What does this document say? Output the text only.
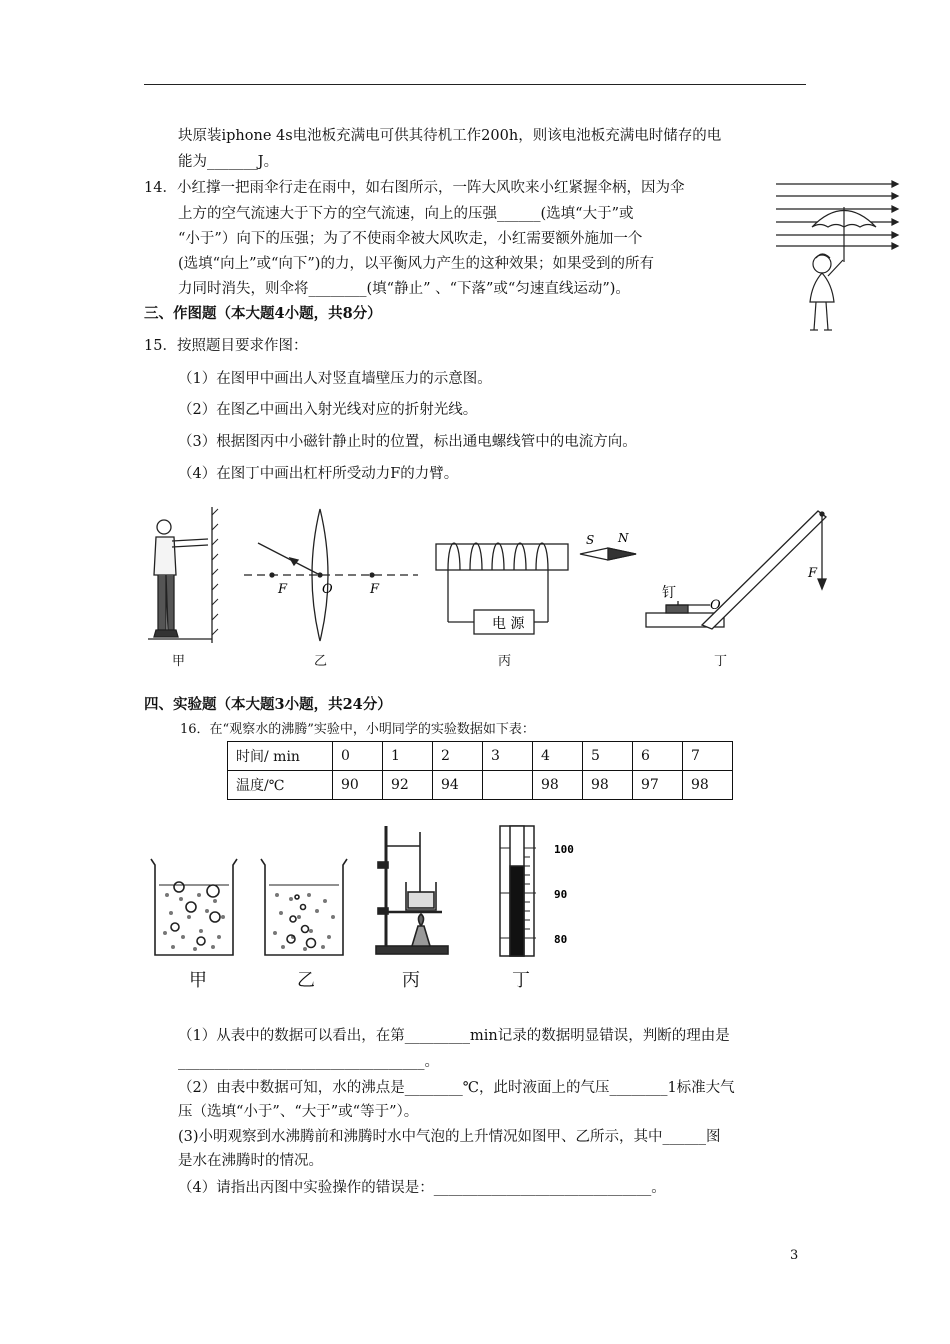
块原装iphone 4s电池板充满电可供其待机工作200h，则该电池板充满电时储存的电
能为_______J。
14．小红撑一把雨伞行走在雨中，如右图所示，一阵大风吹来小红紧握伞柄，因为伞
上方的空气流速大于下方的空气流速，向上的压强______(选填“大于”或
“小于”）向下的压强；为了不使雨伞被大风吹走，小红需要额外施加一个
(选填“向上”或“向下”)的力，以平衡风力产生的这种效果；如果受到的所有
力同时消失，则伞将________(填“静止” 、“下落”或“匀速直线运动”)。
三、作图题（本大题4小题，共8分）
15．按照题目要求作图：
（1）在图甲中画出人对竖直墙壁压力的示意图。
（2）在图乙中画出入射光线对应的折射光线。
（3）根据图丙中小磁针静止时的位置，标出通电螺线管中的电流方向。
（4）在图丁中画出杠杆所受动力F的力臂。
甲
F	O	F
乙
电 源
S N
丙
钉
O
F
丁
四、实验题（本大题3小题，共24分）
16．在“观察水的沸腾”实验中，小明同学的实验数据如下表：
时间/ min	0	1	2	3	4	5	6	7
温度/℃	90	92	94		98	98	97	98
甲	乙	丙
100
90
80
丁
（1）从表中的数据可以看出，在第_________min记录的数据明显错误，判断的理由是
__________________________________。
（2）由表中数据可知，水的沸点是________℃，此时液面上的气压________1标准大气
压（选填“小于”、“大于”或“等于”）。
(3)小明观察到水沸腾前和沸腾时水中气泡的上升情况如图甲、乙所示，其中______图
是水在沸腾时的情况。
（4）请指出丙图中实验操作的错误是：______________________________。
3
